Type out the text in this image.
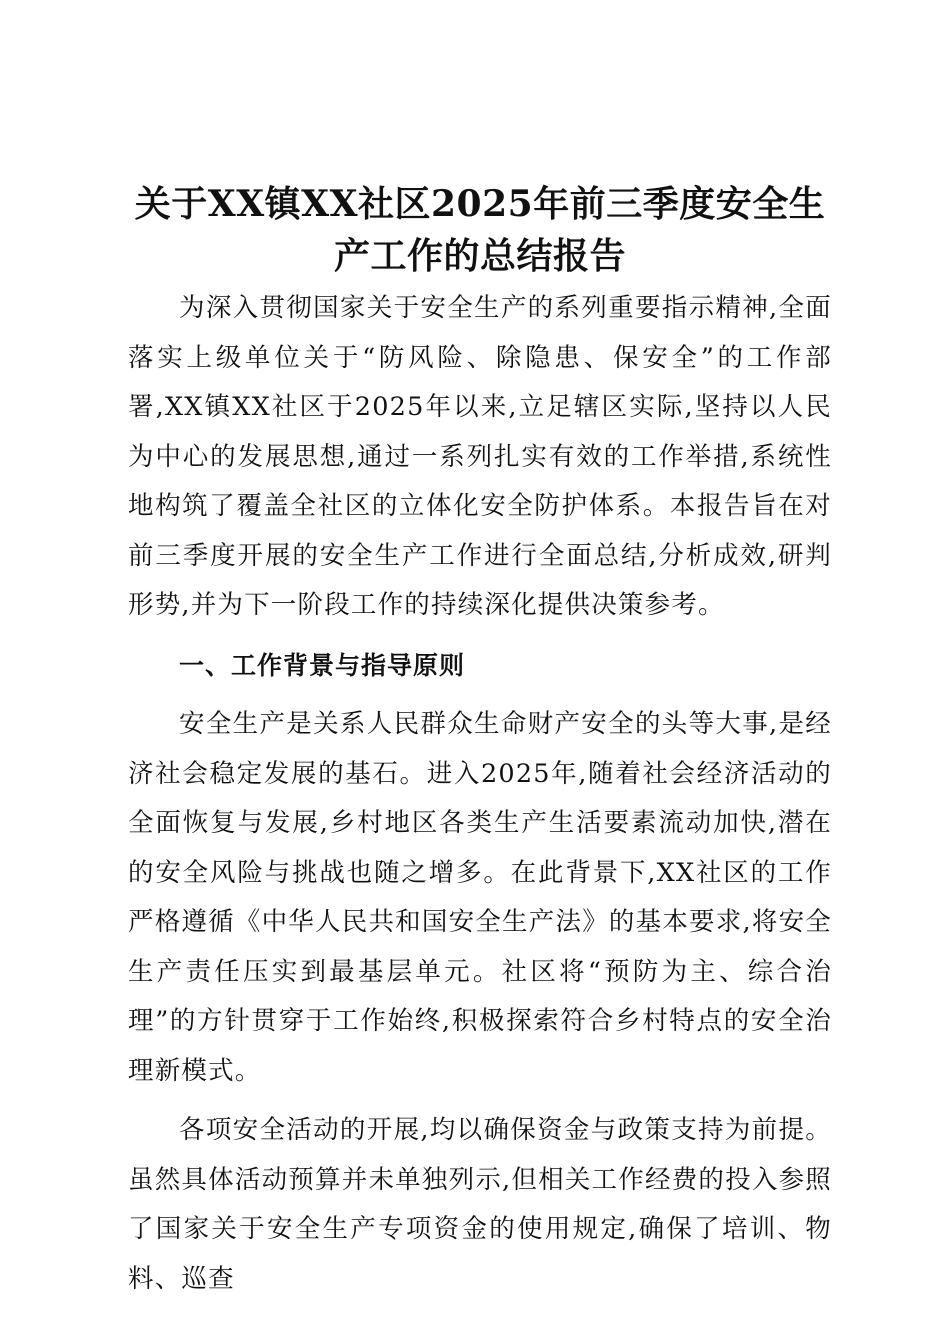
关于XX镇XX社区2025年前三季度安全生产工作的总结报告

为深入贯彻国家关于安全生产的系列重要指示精神,全面落实上级单位关于“防风险、除隐患、保安全”的工作部署,XX镇XX社区于2025年以来,立足辖区实际,坚持以人民为中心的发展思想,通过一系列扎实有效的工作举措,系统性地构筑了覆盖全社区的立体化安全防护体系。本报告旨在对前三季度开展的安全生产工作进行全面总结,分析成效,研判形势,并为下一阶段工作的持续深化提供决策参考。

一、工作背景与指导原则

安全生产是关系人民群众生命财产安全的头等大事,是经济社会稳定发展的基石。进入2025年,随着社会经济活动的全面恢复与发展,乡村地区各类生产生活要素流动加快,潜在的安全风险与挑战也随之增多。在此背景下,XX社区的工作严格遵循《中华人民共和国安全生产法》的基本要求,将安全生产责任压实到最基层单元。社区将“预防为主、综合治理”的方针贯穿于工作始终,积极探索符合乡村特点的安全治理新模式。

各项安全活动的开展,均以确保资金与政策支持为前提。虽然具体活动预算并未单独列示,但相关工作经费的投入参照了国家关于安全生产专项资金的使用规定,确保了培训、物料、巡查
